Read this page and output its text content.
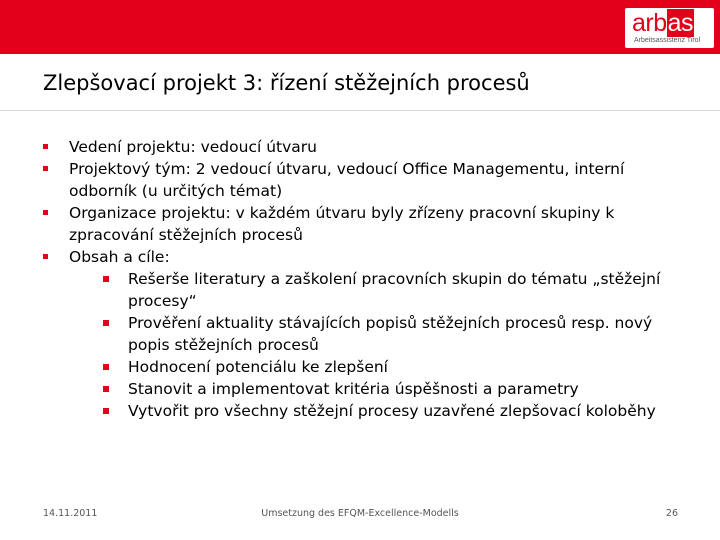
arbas
Arbeitsassistenz Tirol
Zlepšovací projekt 3: řízení stěžejních procesů
Vedení projektu: vedoucí útvaru
Projektový tým: 2 vedoucí útvaru, vedoucí Office Managementu, interní odborník (u určitých témat)
Organizace projektu: v každém útvaru byly zřízeny pracovní skupiny k zpracování stěžejních procesů
Obsah a cíle:
Rešerše literatury a zaškolení pracovních skupin do tématu „stěžejní procesy“
Prověření aktuality stávajících popisů stěžejních procesů resp. nový popis stěžejních procesů
Hodnocení potenciálu ke zlepšení
Stanovit a implementovat kritéria úspěšnosti a parametry
Vytvořit pro všechny stěžejní procesy uzavřené zlepšovací koloběhy
14.11.2011	Umsetzung des EFQM-Excellence-Modells	26
